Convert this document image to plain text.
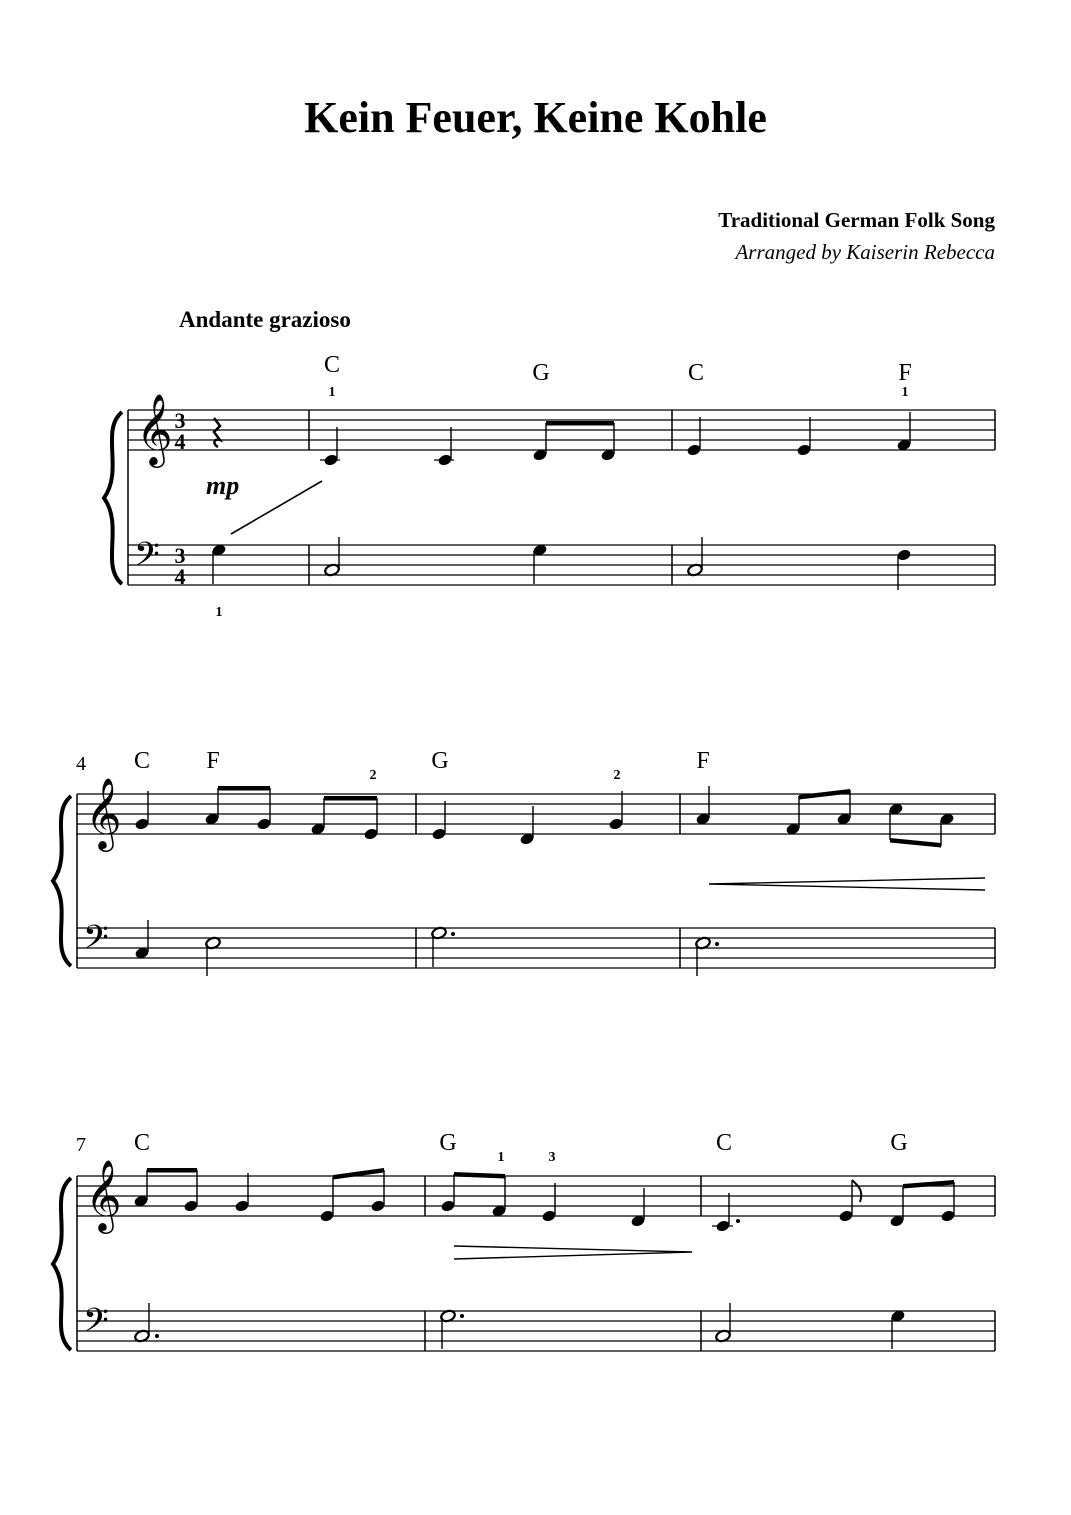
Kein Feuer, Keine Kohle
Traditional German Folk Song
Arranged by Kaiserin Rebecca
Andante grazioso
C	G	C	F
1	1
1
𝄞
𝄢
3
4
3
4
mp
4 C F	G	F
2	2
𝄞
𝄢
7 C	G	C	G
1	3
𝄞
𝄢
